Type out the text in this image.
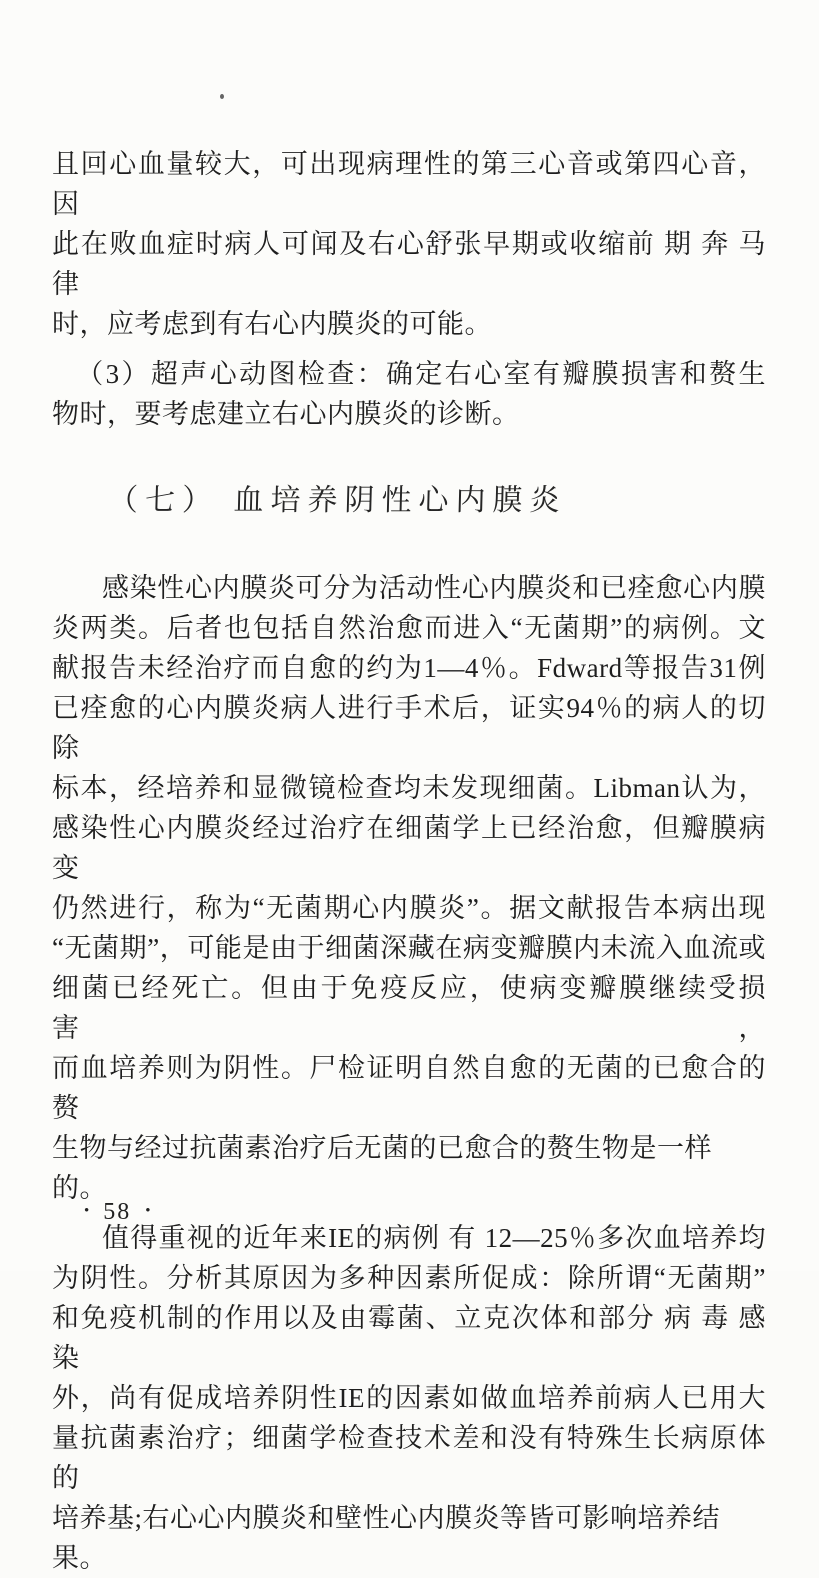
且回心血量较大，可出现病理性的第三心音或第四心音，因
此在败血症时病人可闻及右心舒张早期或收缩前 期 奔 马 律
时，应考虑到有右心内膜炎的可能。
（3）超声心动图检查：确定右心室有瓣膜损害和赘生
物时，要考虑建立右心内膜炎的诊断。
（七） 血培养阴性心内膜炎
感染性心内膜炎可分为活动性心内膜炎和已痊愈心内膜
炎两类。后者也包括自然治愈而进入“无菌期”的病例。文
献报告未经治疗而自愈的约为1—4％。Fdward等报告31例
已痊愈的心内膜炎病人进行手术后，证实94％的病人的切除
标本，经培养和显微镜检查均未发现细菌。Libman认为，
感染性心内膜炎经过治疗在细菌学上已经治愈，但瓣膜病变
仍然进行，称为“无菌期心内膜炎”。据文献报告本病出现
“无菌期”，可能是由于细菌深藏在病变瓣膜内未流入血流或
细菌已经死亡。但由于免疫反应，使病变瓣膜继续受损害，
而血培养则为阴性。尸检证明自然自愈的无菌的已愈合的赘
生物与经过抗菌素治疗后无菌的已愈合的赘生物是一样的。
值得重视的近年来IE的病例 有 12—25％多次血培养均
为阴性。分析其原因为多种因素所促成：除所谓“无菌期”
和免疫机制的作用以及由霉菌、立克次体和部分 病 毒 感 染
外，尚有促成培养阴性IE的因素如做血培养前病人已用大
量抗菌素治疗；细菌学检查技术差和没有特殊生长病原体的
培养基;右心心内膜炎和壁性心内膜炎等皆可影响培养结果。
• 58 •
